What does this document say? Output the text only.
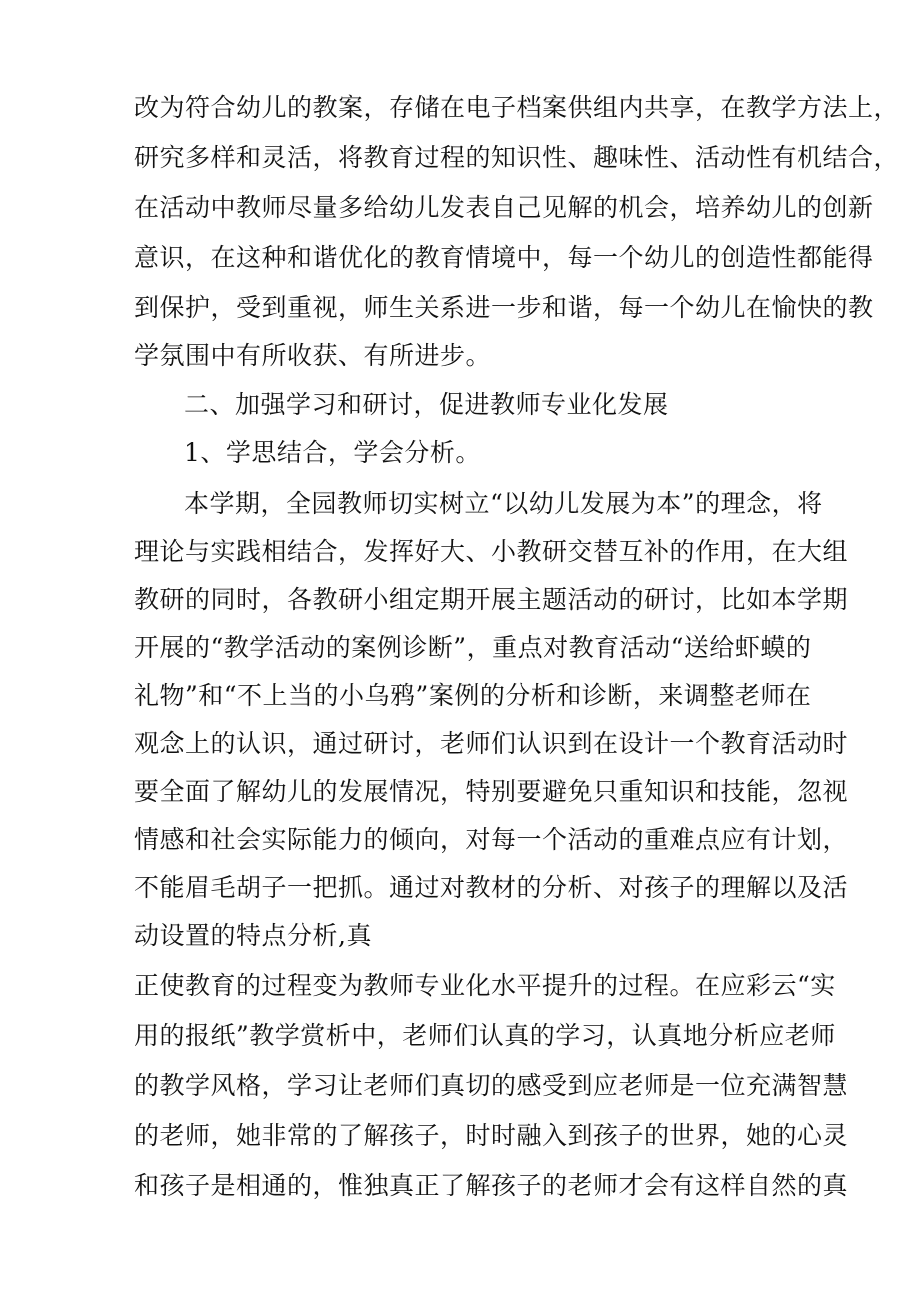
改为符合幼儿的教案，存储在电子档案供组内共享，在教学方法上，
研究多样和灵活，将教育过程的知识性、趣味性、活动性有机结合，
在活动中教师尽量多给幼儿发表自己见解的机会，培养幼儿的创新
意识，在这种和谐优化的教育情境中，每一个幼儿的创造性都能得
到保护，受到重视，师生关系进一步和谐，每一个幼儿在愉快的教
学氛围中有所收获、有所进步。
二、加强学习和研讨，促进教师专业化发展
1、学思结合，学会分析。
本学期，全园教师切实树立“以幼儿发展为本”的理念，将
理论与实践相结合，发挥好大、小教研交替互补的作用，在大组
教研的同时，各教研小组定期开展主题活动的研讨，比如本学期
开展的“教学活动的案例诊断”，重点对教育活动“送给虾蟆的
礼物”和“不上当的小乌鸦”案例的分析和诊断，来调整老师在
观念上的认识，通过研讨，老师们认识到在设计一个教育活动时
要全面了解幼儿的发展情况，特别要避免只重知识和技能，忽视
情感和社会实际能力的倾向，对每一个活动的重难点应有计划，
不能眉毛胡子一把抓。通过对教材的分析、对孩子的理解以及活
动设置的特点分析,真
正使教育的过程变为教师专业化水平提升的过程。在应彩云“实
用的报纸”教学赏析中，老师们认真的学习，认真地分析应老师
的教学风格，学习让老师们真切的感受到应老师是一位充满智慧
的老师，她非常的了解孩子，时时融入到孩子的世界，她的心灵
和孩子是相通的，惟独真正了解孩子的老师才会有这样自然的真
